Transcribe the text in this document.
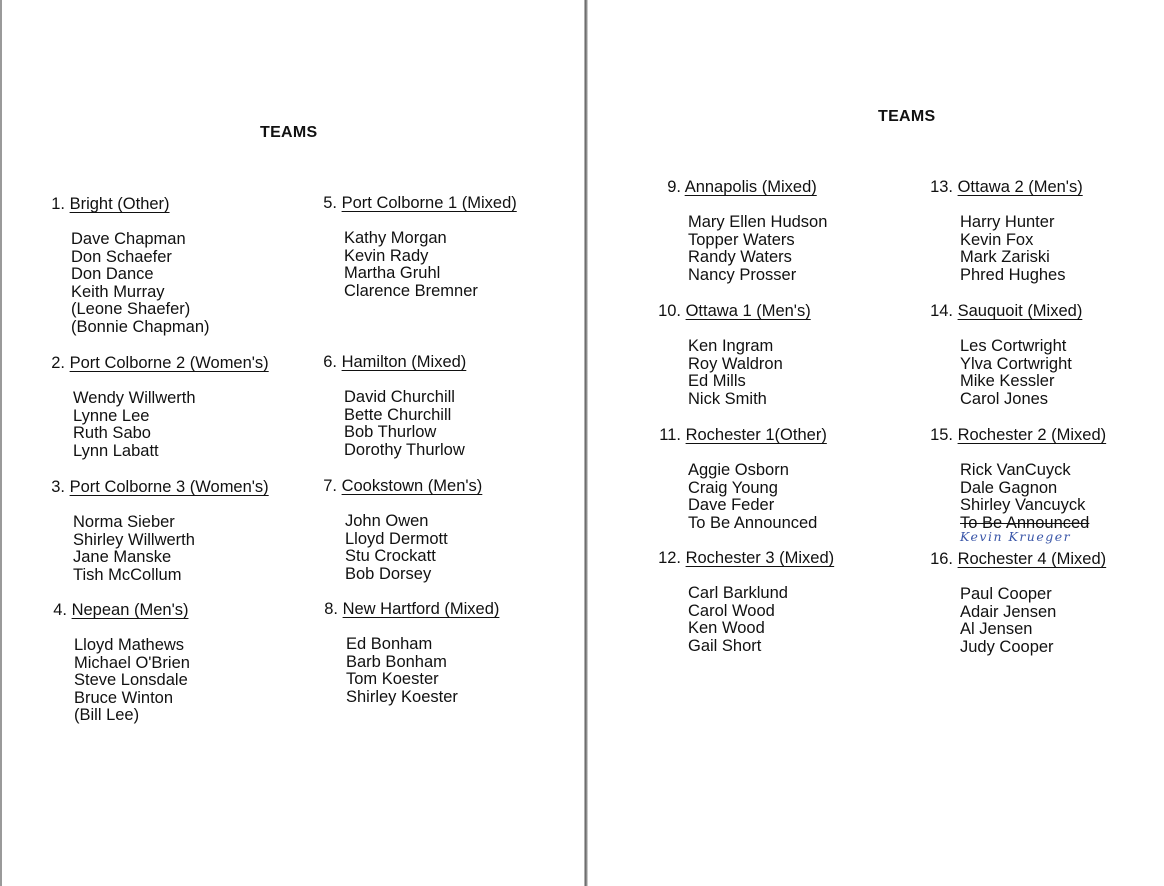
TEAMS
1. Bright (Other)
Dave Chapman
Don Schaefer
Don Dance
Keith Murray
(Leone Shaefer)
(Bonnie Chapman)
2. Port Colborne 2 (Women's)
Wendy Willwerth
Lynne Lee
Ruth Sabo
Lynn Labatt
3. Port Colborne 3 (Women's)
Norma Sieber
Shirley Willwerth
Jane Manske
Tish McCollum
4. Nepean (Men's)
Lloyd Mathews
Michael O'Brien
Steve Lonsdale
Bruce Winton
(Bill Lee)
5. Port Colborne 1 (Mixed)
Kathy Morgan
Kevin Rady
Martha Gruhl
Clarence Bremner
6. Hamilton (Mixed)
David Churchill
Bette Churchill
Bob Thurlow
Dorothy Thurlow
7. Cookstown (Men's)
John Owen
Lloyd Dermott
Stu Crockatt
Bob Dorsey
8. New Hartford (Mixed)
Ed Bonham
Barb Bonham
Tom Koester
Shirley Koester
TEAMS
9. Annapolis (Mixed)
Mary Ellen Hudson
Topper Waters
Randy Waters
Nancy Prosser
10. Ottawa 1 (Men's)
Ken Ingram
Roy Waldron
Ed Mills
Nick Smith
11. Rochester 1(Other)
Aggie Osborn
Craig Young
Dave Feder
To Be Announced
12. Rochester 3 (Mixed)
Carl Barklund
Carol Wood
Ken Wood
Gail Short
13. Ottawa 2 (Men's)
Harry Hunter
Kevin Fox
Mark Zariski
Phred Hughes
14. Sauquoit (Mixed)
Les Cortwright
Ylva Cortwright
Mike Kessler
Carol Jones
15. Rochester 2 (Mixed)
Rick VanCuyck
Dale Gagnon
Shirley Vancuyck
To Be Announced
Kevin Krueger
16. Rochester 4 (Mixed)
Paul Cooper
Adair Jensen
Al Jensen
Judy Cooper
